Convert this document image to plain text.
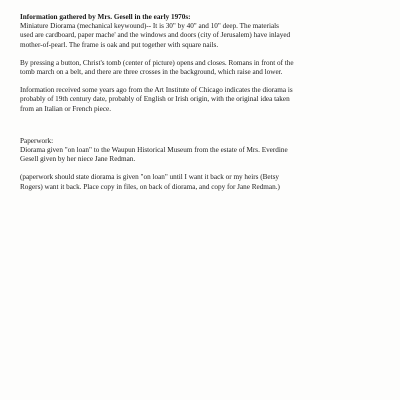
Information gathered by Mrs. Gesell in the early 1970s:
Miniature Diorama (mechanical keywound)-- It is 30" by 40" and 10" deep. The materials
used are cardboard, paper mache' and the windows and doors (city of Jerusalem) have inlayed
mother-of-pearl. The frame is oak and put together with square nails.
By pressing a button, Christ's tomb (center of picture) opens and closes. Romans in front of the
tomb march on a belt, and there are three crosses in the background, which raise and lower.
Information received some years ago from the Art Institute of Chicago indicates the diorama is
probably of 19th century date, probably of English or Irish origin, with the original idea taken
from an Italian or French piece.
Paperwork:
Diorama given "on loan" to the Waupun Historical Museum from the estate of Mrs. Everdine
Gesell given by her niece Jane Redman.
(paperwork should state diorama is given "on loan" until I want it back or my heirs (Betsy
Rogers) want it back. Place copy in files, on back of diorama, and copy for Jane Redman.)
